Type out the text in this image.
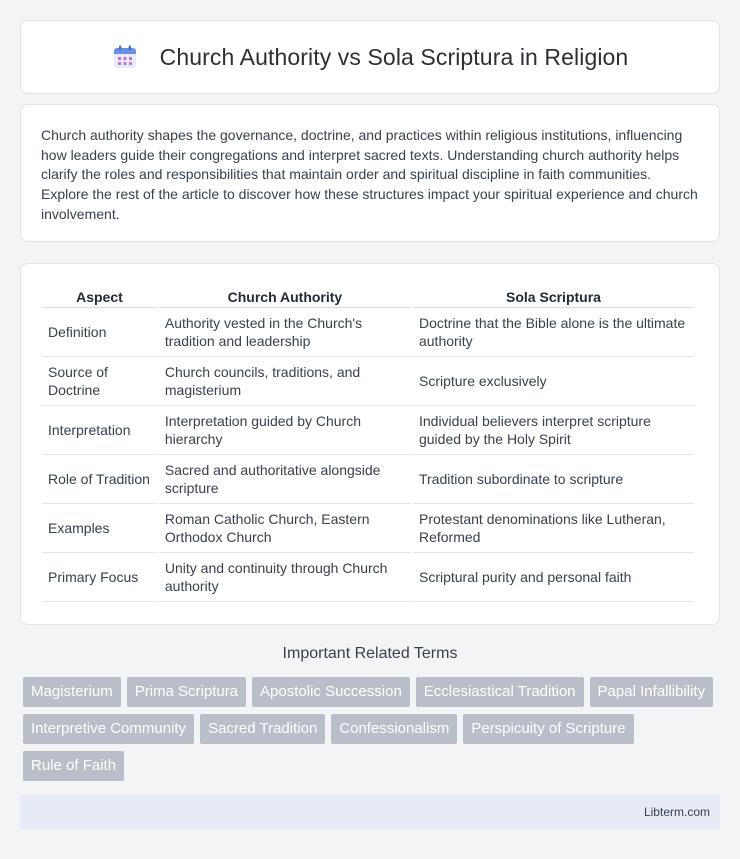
Church Authority vs Sola Scriptura in Religion

Church authority shapes the governance, doctrine, and practices within religious institutions, influencing how leaders guide their congregations and interpret sacred texts. Understanding church authority helps clarify the roles and responsibilities that maintain order and spiritual discipline in faith communities. Explore the rest of the article to discover how these structures impact your spiritual experience and church involvement.

Aspect	Church Authority	Sola Scriptura
Definition	Authority vested in the Church's tradition and leadership	Doctrine that the Bible alone is the ultimate authority
Source of Doctrine	Church councils, traditions, and magisterium	Scripture exclusively
Interpretation	Interpretation guided by Church hierarchy	Individual believers interpret scripture guided by the Holy Spirit
Role of Tradition	Sacred and authoritative alongside scripture	Tradition subordinate to scripture
Examples	Roman Catholic Church, Eastern Orthodox Church	Protestant denominations like Lutheran, Reformed
Primary Focus	Unity and continuity through Church authority	Scriptural purity and personal faith
Important Related Terms
Magisterium	Prima Scriptura	Apostolic Succession	Ecclesiastical Tradition	Papal Infallibility
Interpretive Community	Sacred Tradition	Confessionalism	Perspicuity of Scripture
Rule of Faith
Libterm.com
